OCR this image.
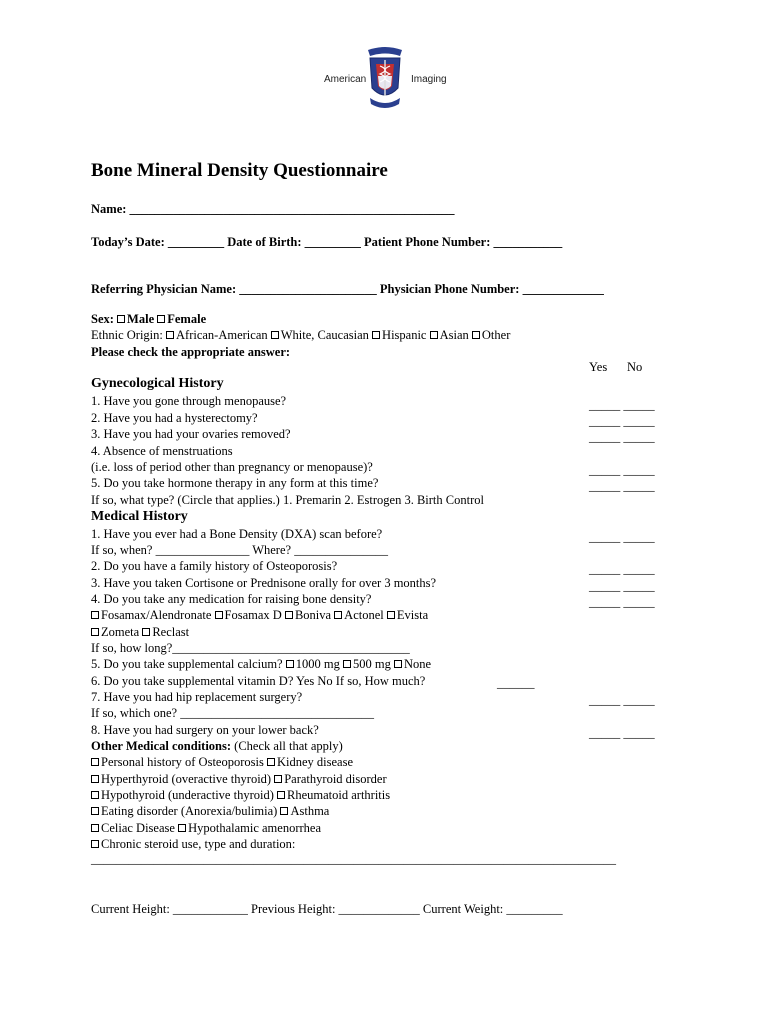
American	Imaging
Bone Mineral Density Questionnaire
Name: ____________________________________________________
Today’s Date: _________ Date of Birth: _________ Patient Phone Number: ___________
Referring Physician Name: ______________________ Physician Phone Number: _____________
Sex: Male Female
Ethnic Origin: African-American White, Caucasian Hispanic Asian Other
Please check the appropriate answer:
Yes No
Gynecological History
1. Have you gone through menopause?
2. Have you had a hysterectomy?
3. Have you had your ovaries removed?
4. Absence of menstruations
(i.e. loss of period other than pregnancy or menopause)?
5. Do you take hormone therapy in any form at this time?
If so, what type? (Circle that applies.) 1. Premarin 2. Estrogen 3. Birth Control
_____ _____
_____ _____
_____ _____
_____ _____
_____ _____
Medical History
1. Have you ever had a Bone Density (DXA) scan before?
If so, when? _______________ Where? _______________
2. Do you have a family history of Osteoporosis?
3. Have you taken Cortisone or Prednisone orally for over 3 months?
4. Do you take any medication for raising bone density?
Fosamax/Alendronate Fosamax D Boniva Actonel Evista
Zometa Reclast
If so, how long?______________________________________
5. Do you take supplemental calcium? 1000 mg 500 mg None
6. Do you take supplemental vitamin D? Yes No If so, How much?	______
7. Have you had hip replacement surgery?
If so, which one? _______________________________
8. Have you had surgery on your lower back?
_____ _____
_____ _____
_____ _____
_____ _____
_____ _____
_____ _____
Other Medical conditions: (Check all that apply)
Personal history of Osteoporosis Kidney disease
Hyperthyroid (overactive thyroid) Parathyroid disorder
Hypothyroid (underactive thyroid) Rheumatoid arthritis
Eating disorder (Anorexia/bulimia) Asthma
Celiac Disease Hypothalamic amenorrhea
Chronic steroid use, type and duration:
____________________________________________________________________________________
Current Height: ____________ Previous Height: _____________ Current Weight: _________
